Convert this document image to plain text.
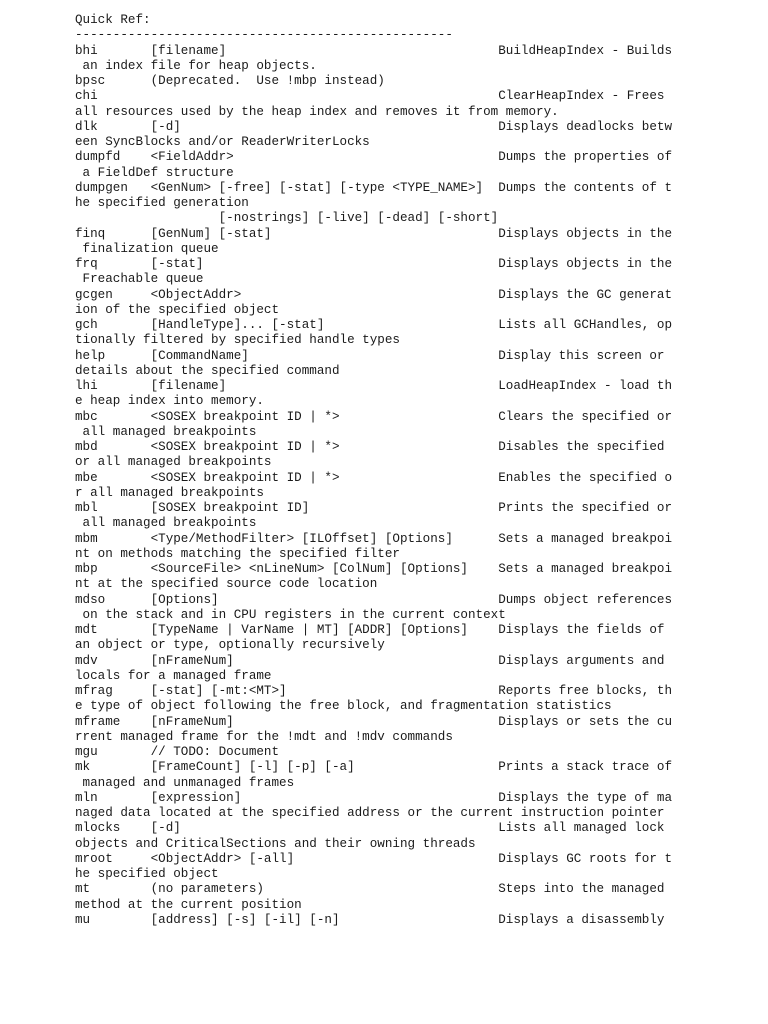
Quick Ref:
--------------------------------------------------
bhi       [filename]                                    BuildHeapIndex - Builds
an index file for heap objects.
bpsc      (Deprecated.  Use !mbp instead)
chi                                                     ClearHeapIndex - Frees
all resources used by the heap index and removes it from memory.
dlk       [-d]                                          Displays deadlocks betw
een SyncBlocks and/or ReaderWriterLocks
dumpfd    <FieldAddr>                                   Dumps the properties of
a FieldDef structure
dumpgen   <GenNum> [-free] [-stat] [-type <TYPE_NAME>]  Dumps the contents of t
he specified generation
[-nostrings] [-live] [-dead] [-short]
finq      [GenNum] [-stat]                              Displays objects in the
finalization queue
frq       [-stat]                                       Displays objects in the
Freachable queue
gcgen     <ObjectAddr>                                  Displays the GC generat
ion of the specified object
gch       [HandleType]... [-stat]                       Lists all GCHandles, op
tionally filtered by specified handle types
help      [CommandName]                                 Display this screen or
details about the specified command
lhi       [filename]                                    LoadHeapIndex - load th
e heap index into memory.
mbc       <SOSEX breakpoint ID | *>                     Clears the specified or
all managed breakpoints
mbd       <SOSEX breakpoint ID | *>                     Disables the specified
or all managed breakpoints
mbe       <SOSEX breakpoint ID | *>                     Enables the specified o
r all managed breakpoints
mbl       [SOSEX breakpoint ID]                         Prints the specified or
all managed breakpoints
mbm       <Type/MethodFilter> [ILOffset] [Options]      Sets a managed breakpoi
nt on methods matching the specified filter
mbp       <SourceFile> <nLineNum> [ColNum] [Options]    Sets a managed breakpoi
nt at the specified source code location
mdso      [Options]                                     Dumps object references
on the stack and in CPU registers in the current context
mdt       [TypeName | VarName | MT] [ADDR] [Options]    Displays the fields of
an object or type, optionally recursively
mdv       [nFrameNum]                                   Displays arguments and
locals for a managed frame
mfrag     [-stat] [-mt:<MT>]                            Reports free blocks, th
e type of object following the free block, and fragmentation statistics
mframe    [nFrameNum]                                   Displays or sets the cu
rrent managed frame for the !mdt and !mdv commands
mgu       // TODO: Document
mk        [FrameCount] [-l] [-p] [-a]                   Prints a stack trace of
managed and unmanaged frames
mln       [expression]                                  Displays the type of ma
naged data located at the specified address or the current instruction pointer
mlocks    [-d]                                          Lists all managed lock
objects and CriticalSections and their owning threads
mroot     <ObjectAddr> [-all]                           Displays GC roots for t
he specified object
mt        (no parameters)                               Steps into the managed
method at the current position
mu        [address] [-s] [-il] [-n]                     Displays a disassembly
